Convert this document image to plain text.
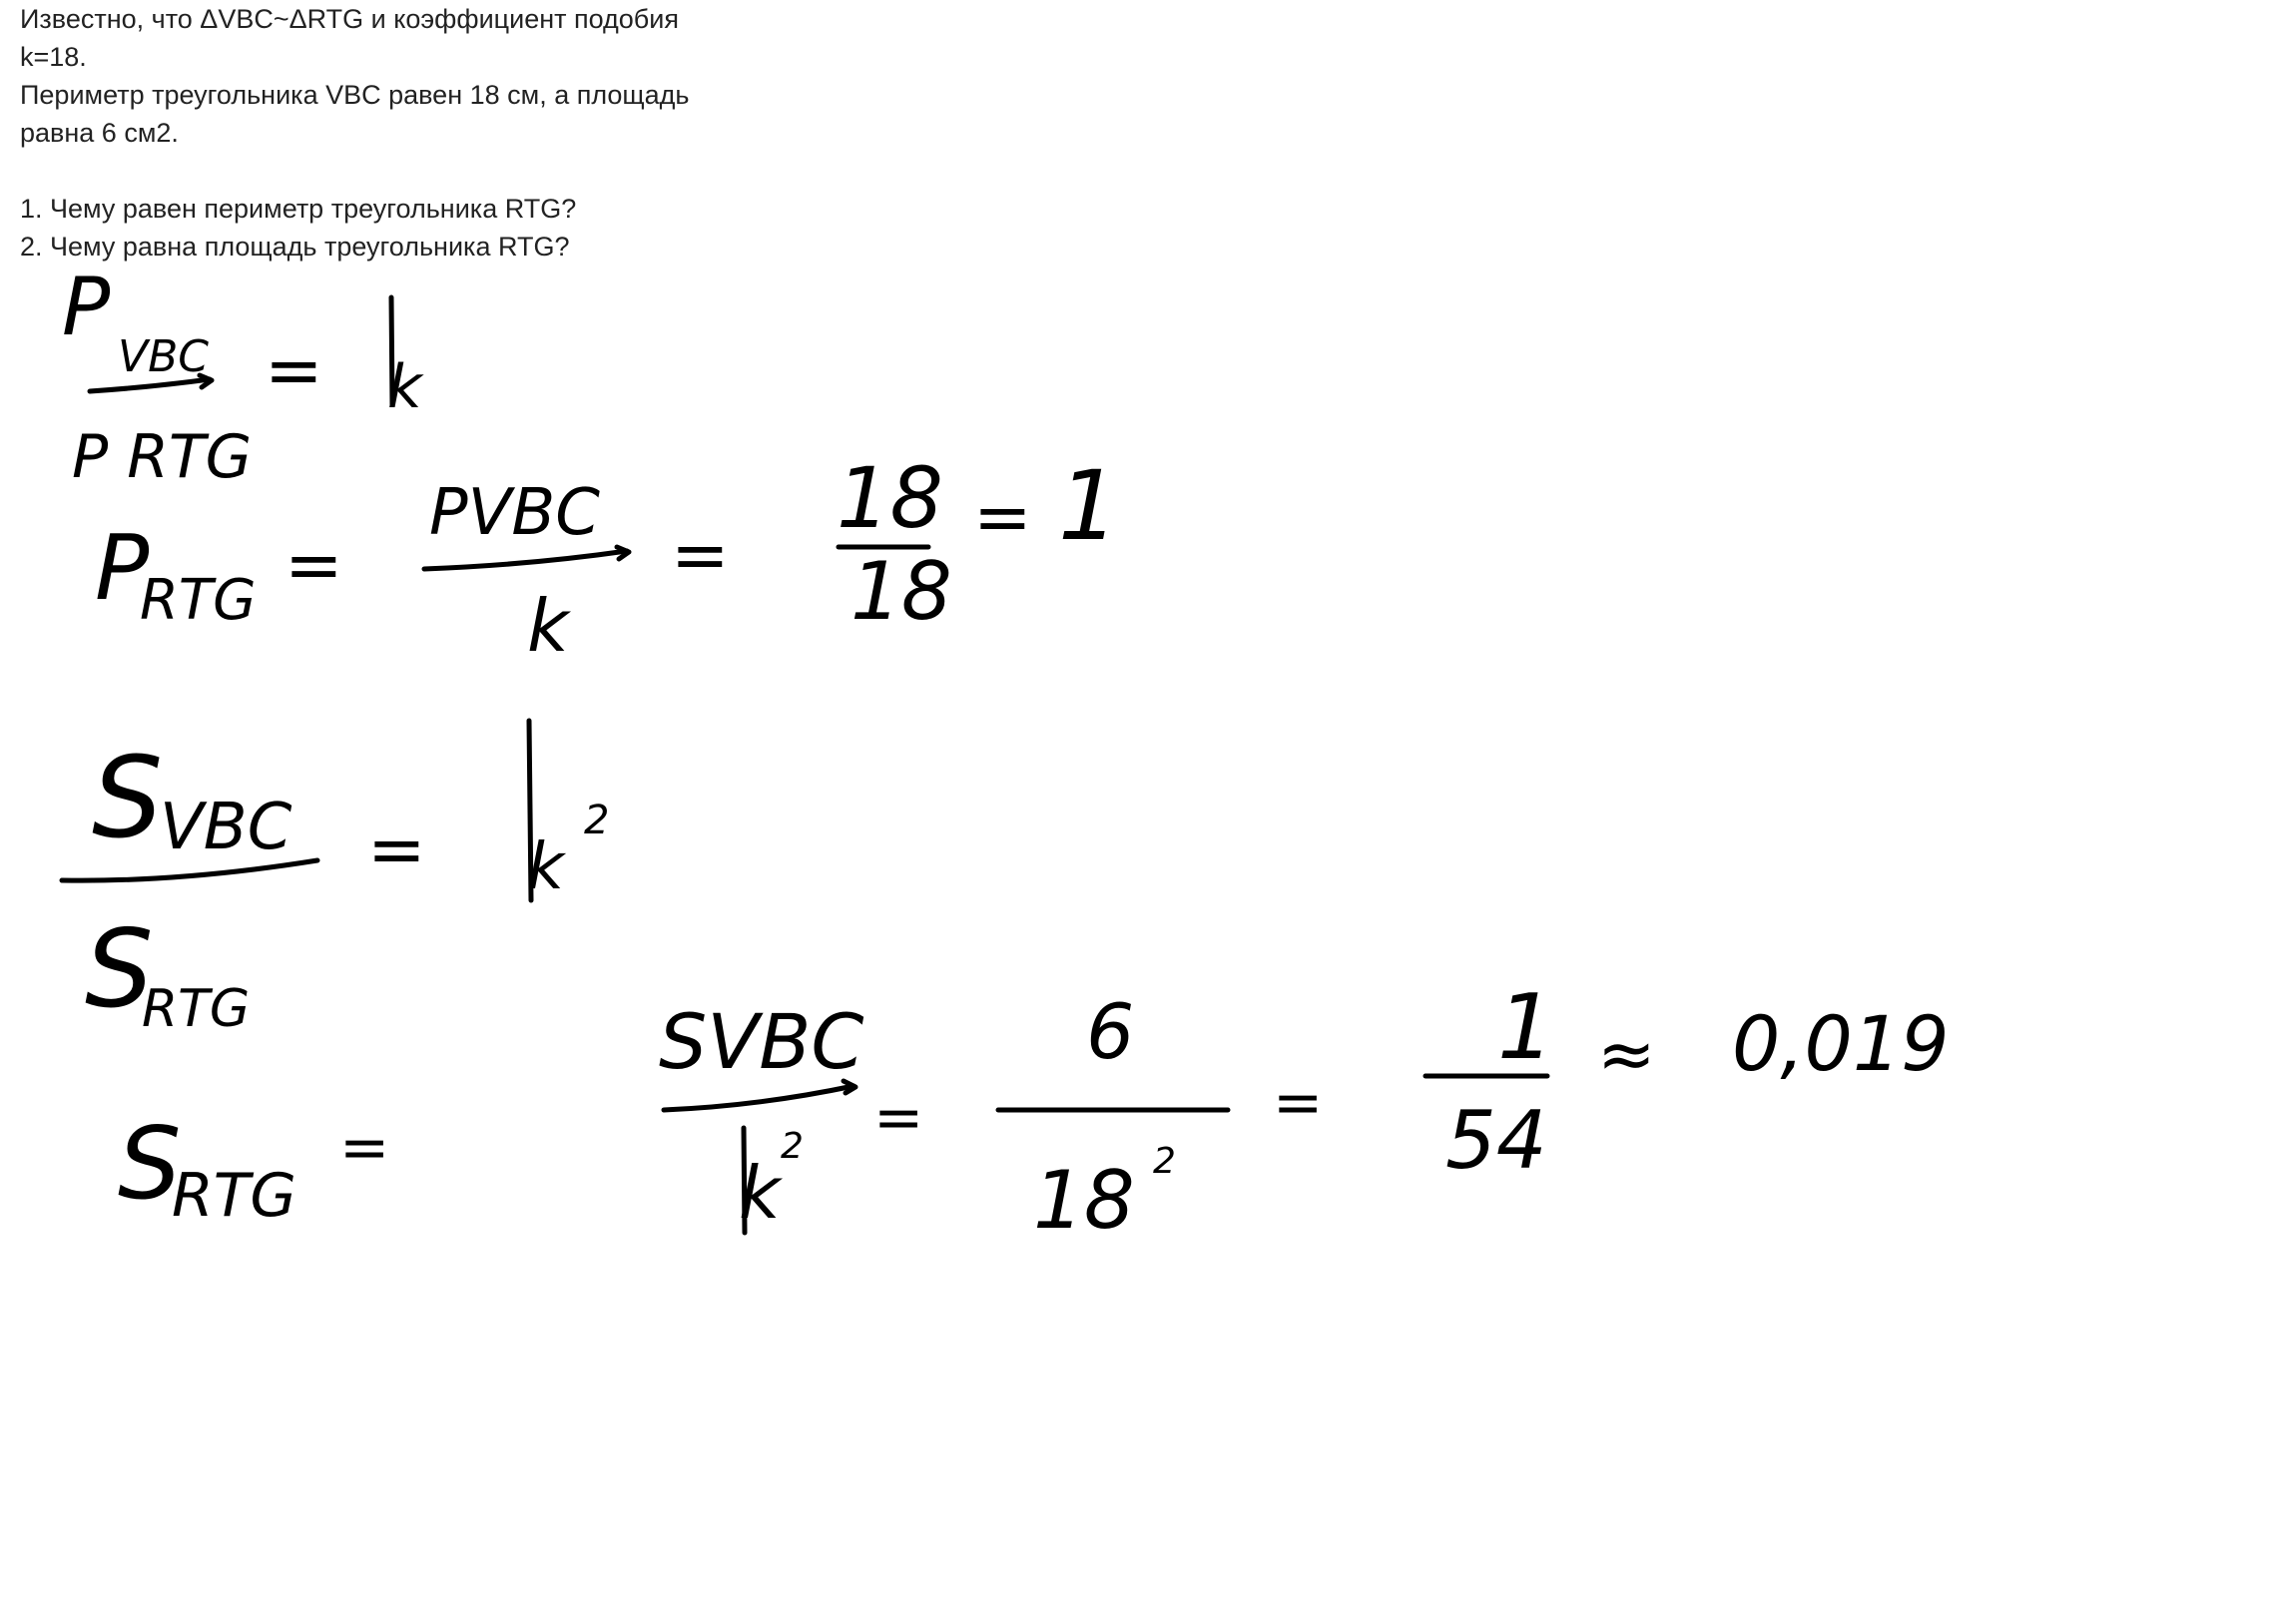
Известно, что ΔVBC~ΔRTG и коэффициент подобия
k=18.
Периметр треугольника VBC равен 18 см, а площадь
равна 6 см2.
1. Чему равен периметр треугольника RTG?
2. Чему равна площадь треугольника RTG?
P
VBC
P RTG
= k
P
RTG =
PVBC
k
=
18
18
= 1
S
VBC
S
RTG
= k
2
S
RTG
=
SVBC
k
2 =
6
18 2
=
1
54
≈ 0,019
